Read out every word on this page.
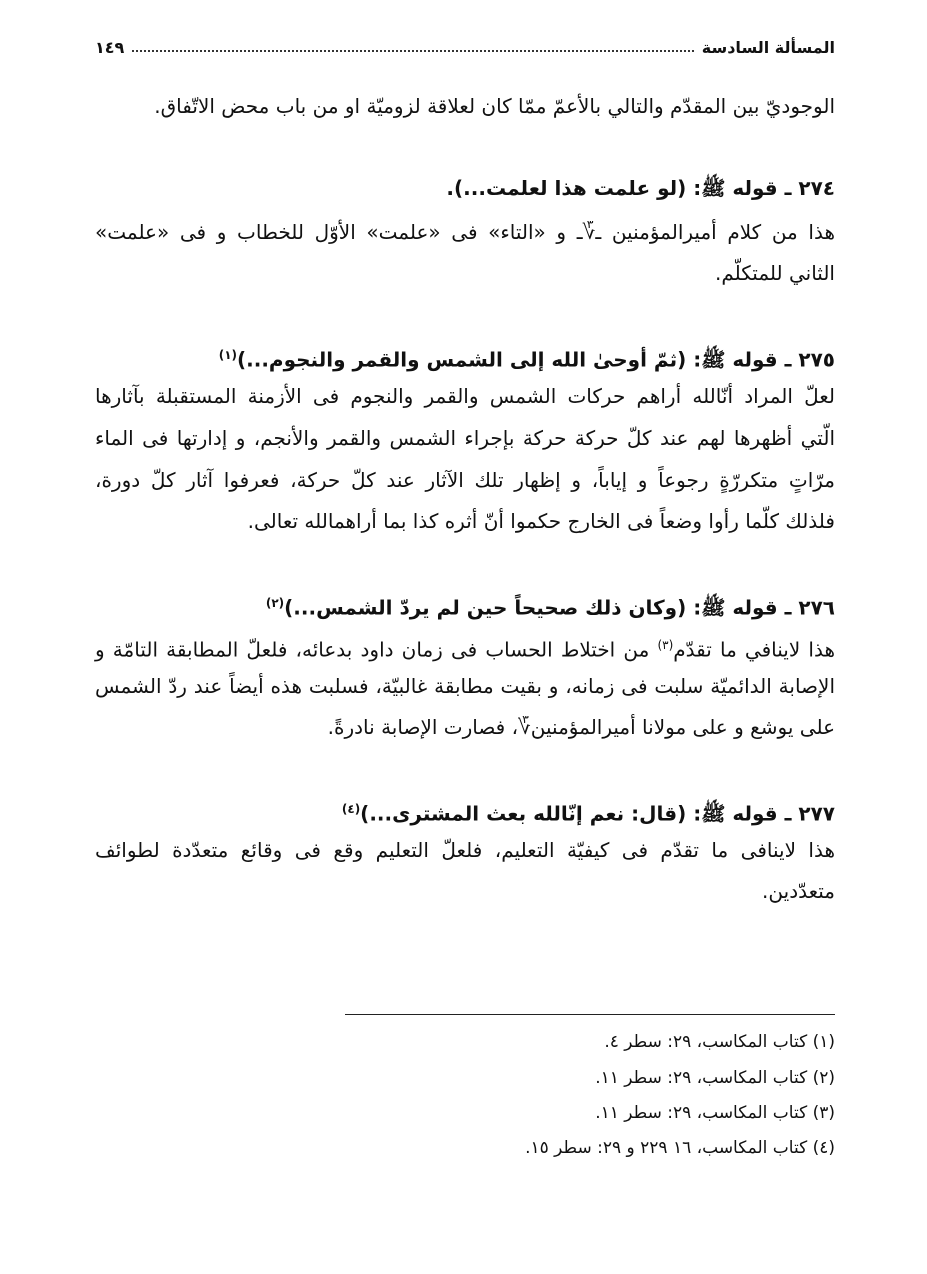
المسألة السادسة
١٤٩
الوجوديّ بين المقدّم والتالي بالأعمّ ممّا كان لعلاقة لزوميّة او من باب محض الاتّفاق.
٢٧٤ ـ قوله ﷺ: (لو علمت هذا لعلمت...).
هذا من كلام أميرالمؤمنين ـ؆ـ و «التاء» فى «علمت» الأوّل للخطاب و فى «علمت»
الثاني للمتكلّم.
٢٧٥ ـ قوله ﷺ: (ثمّ أوحىٰ الله إلى الشمس والقمر والنجوم...)$^{(١)}$
لعلّ المراد أنّالله أراهم حركات الشمس والقمر والنجوم فى الأزمنة المستقبلة بآثارها
الّتي أظهرها لهم عند كلّ حركة حركة بإجراء الشمس والقمر والأنجم، و إدارتها فى الماء
مرّاتٍ متكررّةٍ رجوعاً و إياباً، و إظهار تلك الآثار عند كلّ حركة، فعرفوا آثار كلّ دورة،
فلذلك كلّما رأوا وضعاً فى الخارج حكموا أنّ أثره كذا بما أراهمالله تعالى.
٢٧٦ ـ قوله ﷺ: (وكان ذلك صحيحاً حين لم يردّ الشمس...)$^{(٢)}$
هذا لاينافي ما تقدّم$^{(٣)}$ من اختلاط الحساب فى زمان داود بدعائه، فلعلّ المطابقة التامّة و
الإصابة الدائميّة سلبت فى زمانه، و بقيت مطابقة غالبيّة، فسلبت هذه أيضاً عند ردّ الشمس
على يوشع و على مولانا أميرالمؤمنين؆، فصارت الإصابة نادرةً.
٢٧٧ ـ قوله ﷺ: (قال: نعم إنّالله بعث المشترى...)$^{(٤)}$
هذا لاينافى ما تقدّم فى كيفيّة التعليم، فلعلّ التعليم وقع فى وقائع متعدّدة لطوائف
متعدّدين.
(١) كتاب المكاسب، ٢٩: سطر ٤.
(٢) كتاب المكاسب، ٢٩: سطر ١١.
(٣) كتاب المكاسب، ٢٩: سطر ١١.
(٤) كتاب المكاسب، ١٦ ٢٢٩ و ٢٩: سطر ١٥.
